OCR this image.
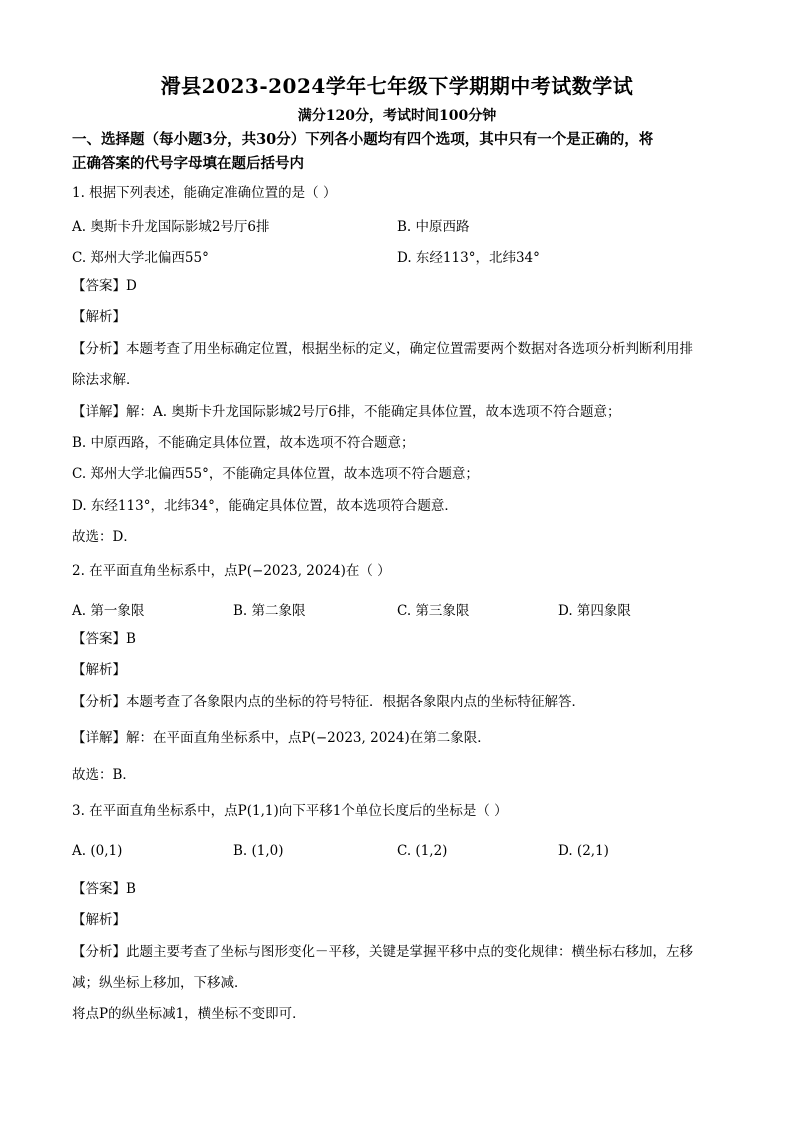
滑县2023-2024学年七年级下学期期中考试数学试
满分120分，考试时间100分钟
一、选择题（每小题3分，共30分）下列各小题均有四个选项，其中只有一个是正确的，将
正确答案的代号字母填在题后括号内
1. 根据下列表述，能确定准确位置的是（ ）
A. 奥斯卡升龙国际影城2号厅6排	B. 中原西路
C. 郑州大学北偏西55°	D. 东经113°，北纬34°
【答案】D
【解析】
【分析】本题考查了用坐标确定位置，根据坐标的定义，确定位置需要两个数据对各选项分析判断利用排
除法求解．
【详解】解：A. 奥斯卡升龙国际影城2号厅6排，不能确定具体位置，故本选项不符合题意；
B. 中原西路，不能确定具体位置，故本选项不符合题意；
C. 郑州大学北偏西55°，不能确定具体位置，故本选项不符合题意；
D. 东经113°，北纬34°，能确定具体位置，故本选项符合题意．
故选：D．
2. 在平面直角坐标系中，点P(−2023, 2024)在（ ）
A. 第一象限	B. 第二象限	C. 第三象限	D. 第四象限
【答案】B
【解析】
【分析】本题考查了各象限内点的坐标的符号特征．根据各象限内点的坐标特征解答．
【详解】解：在平面直角坐标系中，点P(−2023, 2024)在第二象限．
故选：B．
3. 在平面直角坐标系中，点P(1,1)向下平移1个单位长度后的坐标是（ ）
A. (0,1)	B. (1,0)	C. (1,2)	D. (2,1)
【答案】B
【解析】
【分析】此题主要考查了坐标与图形变化－平移，关键是掌握平移中点的变化规律：横坐标右移加，左移
减；纵坐标上移加，下移减．
将点P的纵坐标减1，横坐标不变即可．
